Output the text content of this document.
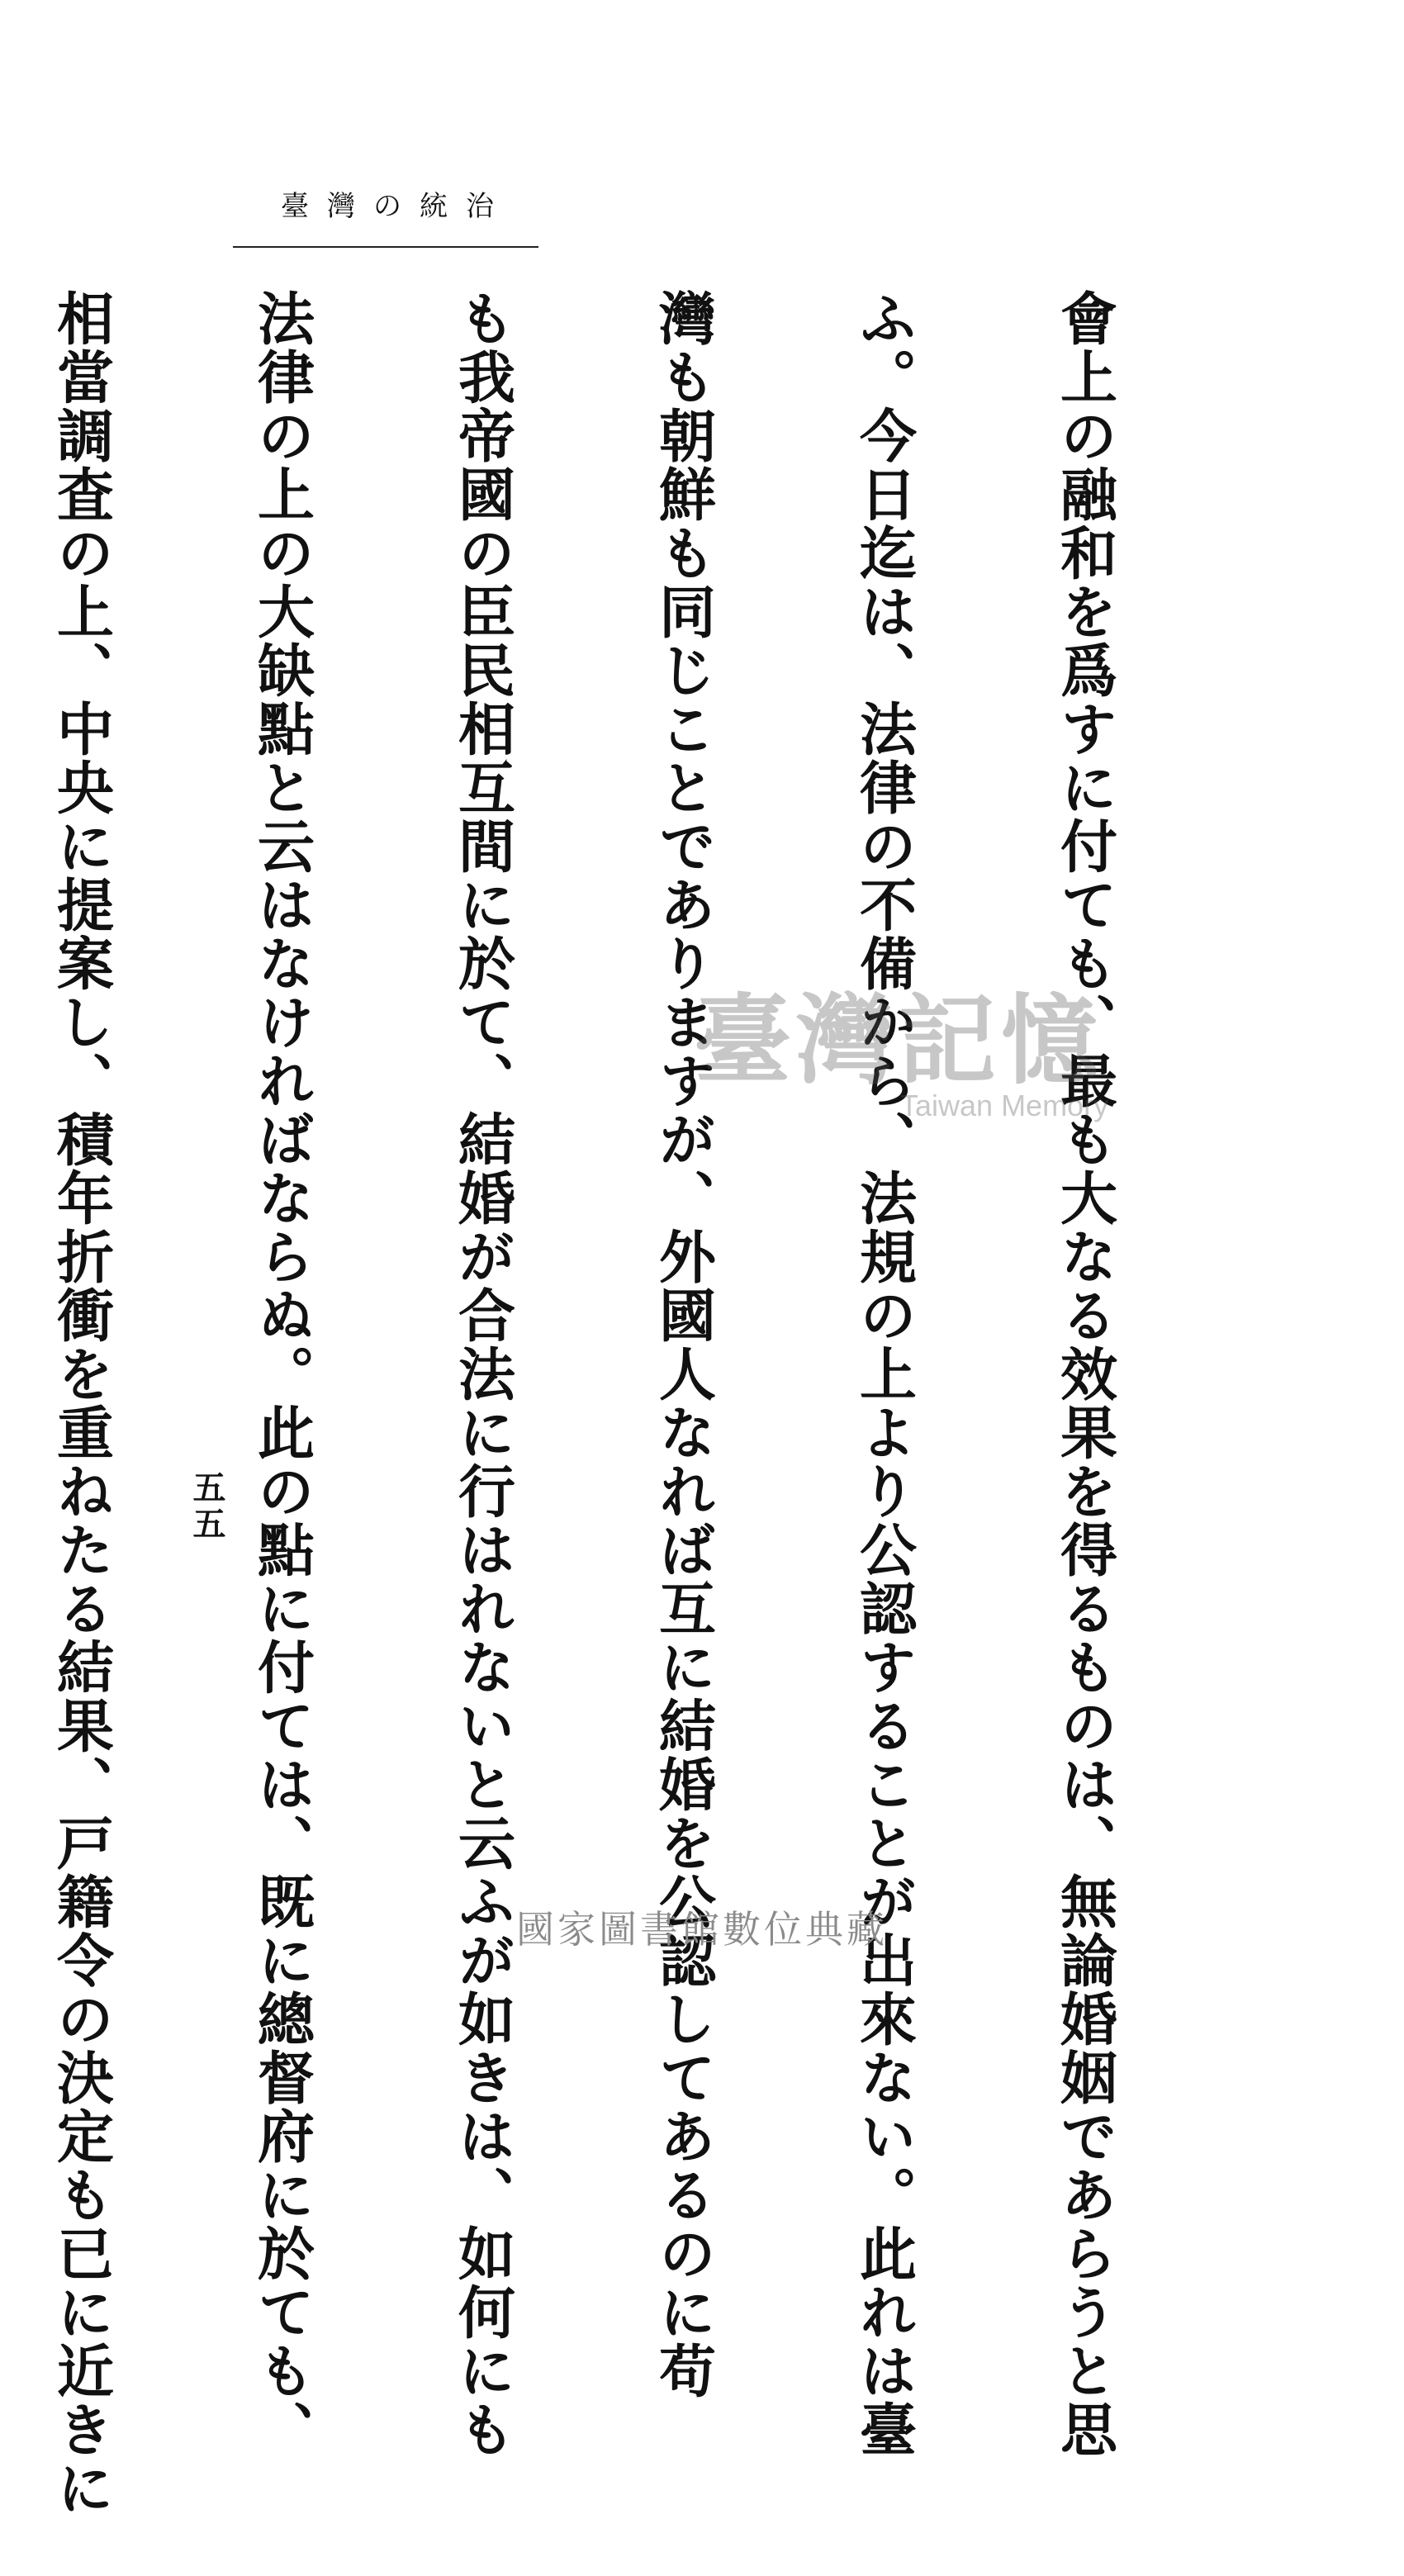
臺灣の統治

會上の融和を爲すに付ても、最も大なる效果を得るものは、無論婚姻であらうと思

ふ。今日迄は、法律の不備から、法規の上より公認することが出來ない。此れは臺

灣も朝鮮も同じことでありますが、外國人なれば互に結婚を公認してあるのに苟

も我帝國の臣民相互間に於て、結婚が合法に行はれないと云ふが如きは、如何にも

法律の上の大缺點と云はなければならぬ。此の點に付ては、既に總督府に於ても、

相當調査の上、中央に提案し、積年折衝を重ねたる結果、戸籍令の決定も已に近きに

五五
臺灣記憶
Taiwan Memory
國家圖書館數位典藏
